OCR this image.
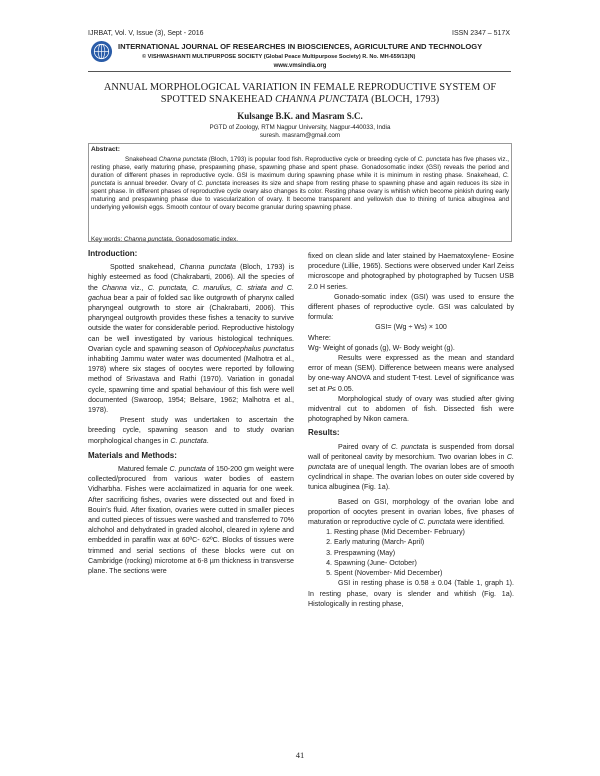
IJRBAT, Vol. V, Issue (3), Sept - 2016	ISSN 2347 – 517X
INTERNATIONAL JOURNAL OF RESEARCHES IN BIOSCIENCES, AGRICULTURE AND TECHNOLOGY
© VISHWASHANTI MULTIPURPOSE SOCIETY (Global Peace Multipurpose Society) R. No. MH-659/13(N)
www.vmsindia.org
ANNUAL MORPHOLOGICAL VARIATION IN FEMALE REPRODUCTIVE SYSTEM OF
SPOTTED SNAKEHEAD CHANNA PUNCTATA (BLOCH, 1793)
Kulsange B.K. and Masram S.C.
PGTD of Zoology, RTM Nagpur University, Nagpur-440033, India
suresh. masram@gmail.com
Abstract:
Snakehead Channa punctata (Bloch, 1793) is popular food fish. Reproductive cycle or breeding cycle of C. punctata has five phases viz., resting phase, early maturing phase, prespawning phase, spawning phase and spent phase. Gonadosomatic index (GSI) reveals the period and duration of different phases in reproductive cycle. GSI is maximum during spawning phase while it is minimum in resting phase. Snakehead, C. punctata is annual breeder. Ovary of C. punctata increases its size and shape from resting phase to spawning phase and again reduces its size in spent phase. In different phases of reproductive cycle ovary also changes its color. Resting phase ovary is whitish which become pinkish during early maturing and prespawning phase due to vascularization of ovary. It become transparent and yellowish due to thining of tunica albuginea and underlying yellowish eggs. Smooth contour of ovary become granular during spawning phase.
Key words: Channa punctata, Gonadosomatic index.
Introduction:

Spotted snakehead, Channa punctata (Bloch, 1793) is highly esteemed as food (Chakrabarti, 2006). All the species of the Channa viz., C. punctata, C. marulius, C. striata and C. gachua bear a pair of folded sac like outgrowth of pharynx called pharyngeal outgrowth to store air (Chakrabarti, 2006). This pharyngeal outgrowth provides these fishes a tenacity to survive outside the water for considerable period. Reproductive histology can be well investigated by various histological techniques. Ovarian cycle and spawning season of Ophiocephalus punctatus inhabiting Jammu water water was documented (Malhotra et al., 1978) where six stages of oocytes were reported by following method of Srivastava and Rathi (1970). Variation in gonadal cycle, spawning time and spatial behaviour of this fish were well documented (Swaroop, 1954; Belsare, 1962; Malhotra et al., 1978).

Present study was undertaken to ascertain the breeding cycle, spawning season and to study ovarian morphological changes in C. punctata.

Materials and Methods:

Matured female C. punctata of 150-200 gm weight were collected/procured from various water bodies of eastern Vidharbha. Fishes were acclaimatized in aquaria for one week. After sacrificing fishes, ovaries were dissected out and fixed in Bouin’s fluid. After fixation, ovaries were cutted in smaller pieces and cutted pieces of tissues were washed and transferred to 70% alchohol and dehydrated in graded alcohol, cleared in xylene and embedded in paraffin wax at 60ºC- 62ºC. Blocks of tissues were trimmed and serial sections of these blocks were cut on Cambridge (rocking) microtome at 6-8 µm thickness in transverse plane. The sections were

fixed on clean slide and later stained by Haematoxylene- Eosine procedure (Lillie, 1965). Sections were observed under Karl Zeiss microscope and photographed by photographed by Tucsen USB 2.0 H series.

Gonado-somatic index (GSI) was used to ensure the different phases of reproductive cycle. GSI was calculated by formula:

GSI= (Wg ÷ Ws) × 100

Where:

Wg- Weight of gonads (g), W- Body weight (g).

Results were expressed as the mean and standard error of mean (SEM). Difference between means were analysed by one-way ANOVA and student T-test. Level of significance was set at P≤ 0.05.

Morphological study of ovary was studied after giving midventral cut to abdomen of fish. Dissected fish were photographed by Nikon camera.

Results:

Paired ovary of C. punctata is suspended from dorsal wall of peritoneal cavity by mesorchium. Two ovarian lobes in C. punctata are of unequal length. The ovarian lobes are of smooth cyclindrical in shape. The ovarian lobes on outer side covered by tunica albuginea (Fig. 1a).

Based on GSI, morphology of the ovarian lobe and proportion of oocytes present in ovarian lobes, five phases of maturation or reproductive cycle of C. punctata were identified.

1. Resting phase (Mid December- February)
2. Early maturing (March- April)
3. Prespawning (May)
4. Spawning (June- October)
5. Spent (November- Mid December)

GSI in resting phase is 0.58 ± 0.04 (Table 1, graph 1). In resting phase, ovary is slender and whitish (Fig. 1a). Histologically in resting phase,

41
